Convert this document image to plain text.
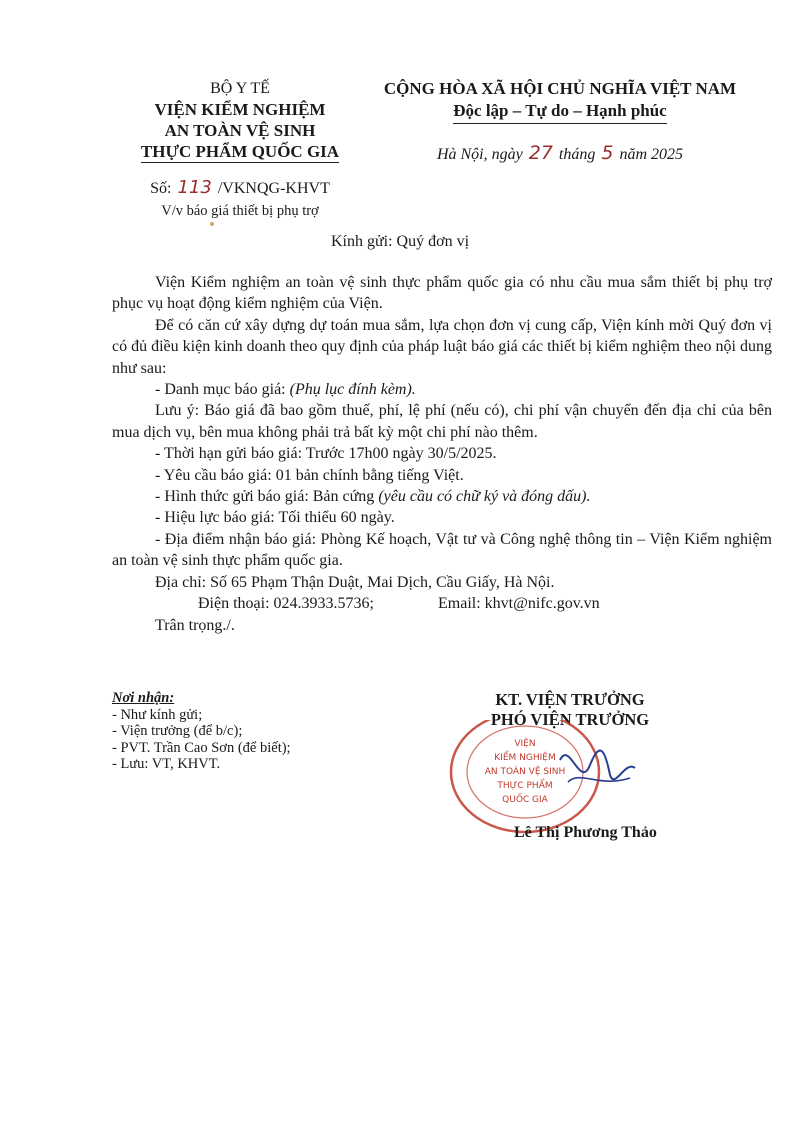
BỘ Y TẾ
VIỆN KIỂM NGHIỆM
AN TOÀN VỆ SINH
THỰC PHẨM QUỐC GIA
Số: 113 /VKNQG-KHVT
V/v báo giá thiết bị phụ trợ
CỘNG HÒA XÃ HỘI CHỦ NGHĨA VIỆT NAM
Độc lập – Tự do – Hạnh phúc
Hà Nội, ngày 27 tháng 5 năm 2025
Kính gửi: Quý đơn vị

Viện Kiểm nghiệm an toàn vệ sinh thực phẩm quốc gia có nhu cầu mua sắm thiết bị phụ trợ phục vụ hoạt động kiểm nghiệm của Viện.

Để có căn cứ xây dựng dự toán mua sắm, lựa chọn đơn vị cung cấp, Viện kính mời Quý đơn vị có đủ điều kiện kinh doanh theo quy định của pháp luật báo giá các thiết bị kiểm nghiệm theo nội dung như sau:

- Danh mục báo giá: (Phụ lục đính kèm).

Lưu ý: Báo giá đã bao gồm thuế, phí, lệ phí (nếu có), chi phí vận chuyển đến địa chỉ của bên mua dịch vụ, bên mua không phải trả bất kỳ một chi phí nào thêm.

- Thời hạn gửi báo giá: Trước 17h00 ngày 30/5/2025.

- Yêu cầu báo giá: 01 bản chính bằng tiếng Việt.

- Hình thức gửi báo giá: Bản cứng (yêu cầu có chữ ký và đóng dấu).

- Hiệu lực báo giá: Tối thiểu 60 ngày.

- Địa điểm nhận báo giá: Phòng Kế hoạch, Vật tư và Công nghệ thông tin – Viện Kiểm nghiệm an toàn vệ sinh thực phẩm quốc gia.

Địa chỉ: Số 65 Phạm Thận Duật, Mai Dịch, Cầu Giấy, Hà Nội.

Điện thoại: 024.3933.5736;	Email: khvt@nifc.gov.vn

Trân trọng./.

Nơi nhận:
- Như kính gửi;
- Viện trưởng (để b/c);
- PVT. Trần Cao Sơn (để biết);
- Lưu: VT, KHVT.
KT. VIỆN TRƯỞNG
PHÓ VIỆN TRƯỞNG
VIỆN
KIỂM NGHIỆM
AN TOÀN VỆ SINH
THỰC PHẨM
QUỐC GIA
Lê Thị Phương Thảo
